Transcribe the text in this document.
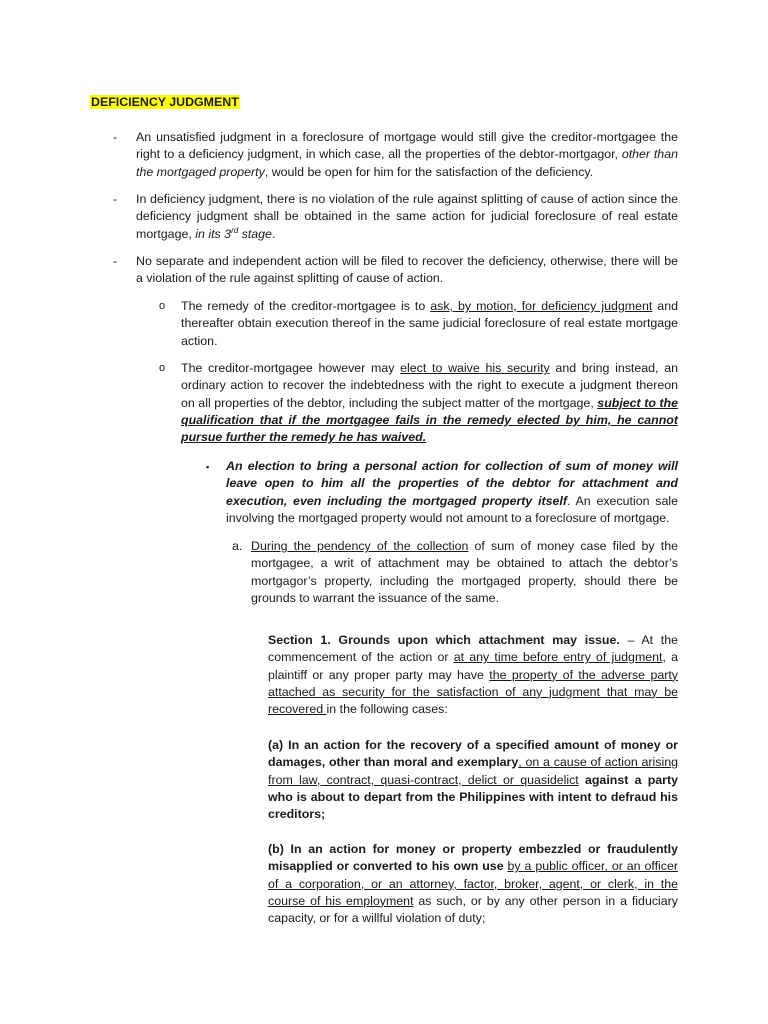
DEFICIENCY JUDGMENT
- An unsatisfied judgment in a foreclosure of mortgage would still give the creditor-mortgagee the right to a deficiency judgment, in which case, all the properties of the debtor-mortgagor, other than the mortgaged property, would be open for him for the satisfaction of the deficiency.
- In deficiency judgment, there is no violation of the rule against splitting of cause of action since the deficiency judgment shall be obtained in the same action for judicial foreclosure of real estate mortgage, in its 3rd stage.
- No separate and independent action will be filed to recover the deficiency, otherwise, there will be a violation of the rule against splitting of cause of action.
o The remedy of the creditor-mortgagee is to ask, by motion, for deficiency judgment and thereafter obtain execution thereof in the same judicial foreclosure of real estate mortgage action.
o The creditor-mortgagee however may elect to waive his security and bring instead, an ordinary action to recover the indebtedness with the right to execute a judgment thereon on all properties of the debtor, including the subject matter of the mortgage, subject to the qualification that if the mortgagee fails in the remedy elected by him, he cannot pursue further the remedy he has waived.
▪ An election to bring a personal action for collection of sum of money will leave open to him all the properties of the debtor for attachment and execution, even including the mortgaged property itself. An execution sale involving the mortgaged property would not amount to a foreclosure of mortgage.
a. During the pendency of the collection of sum of money case filed by the mortgagee, a writ of attachment may be obtained to attach the debtor’s mortgagor’s property, including the mortgaged property, should there be grounds to warrant the issuance of the same.
Section 1. Grounds upon which attachment may issue. – At the commencement of the action or at any time before entry of judgment, a plaintiff or any proper party may have the property of the adverse party attached as security for the satisfaction of any judgment that may be recovered in the following cases:
(a) In an action for the recovery of a specified amount of money or damages, other than moral and exemplary, on a cause of action arising from law, contract, quasi-contract, delict or quasidelict against a party who is about to depart from the Philippines with intent to defraud his creditors;
(b) In an action for money or property embezzled or fraudulently misapplied or converted to his own use by a public officer, or an officer of a corporation, or an attorney, factor, broker, agent, or clerk, in the course of his employment as such, or by any other person in a fiduciary capacity, or for a willful violation of duty;
